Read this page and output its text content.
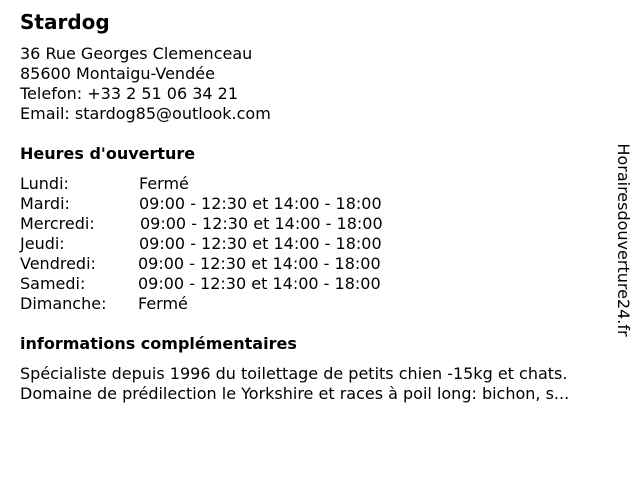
Stardog
36 Rue Georges Clemenceau
85600 Montaigu-Vendée
Telefon: +33 2 51 06 34 21
Email: stardog85@outlook.com
Heures d'ouverture
Lundi:	Fermé
Mardi:	09:00 - 12:30 et 14:00 - 18:00
Mercredi:	09:00 - 12:30 et 14:00 - 18:00
Jeudi:	09:00 - 12:30 et 14:00 - 18:00
Vendredi:	09:00 - 12:30 et 14:00 - 18:00
Samedi:	09:00 - 12:30 et 14:00 - 18:00
Dimanche: Fermé
informations complémentaires
Spécialiste depuis 1996 du toilettage de petits chien -15kg et chats.
Domaine de prédilection le Yorkshire et races à poil long: bichon, s...
Horairesdouverture24.fr
